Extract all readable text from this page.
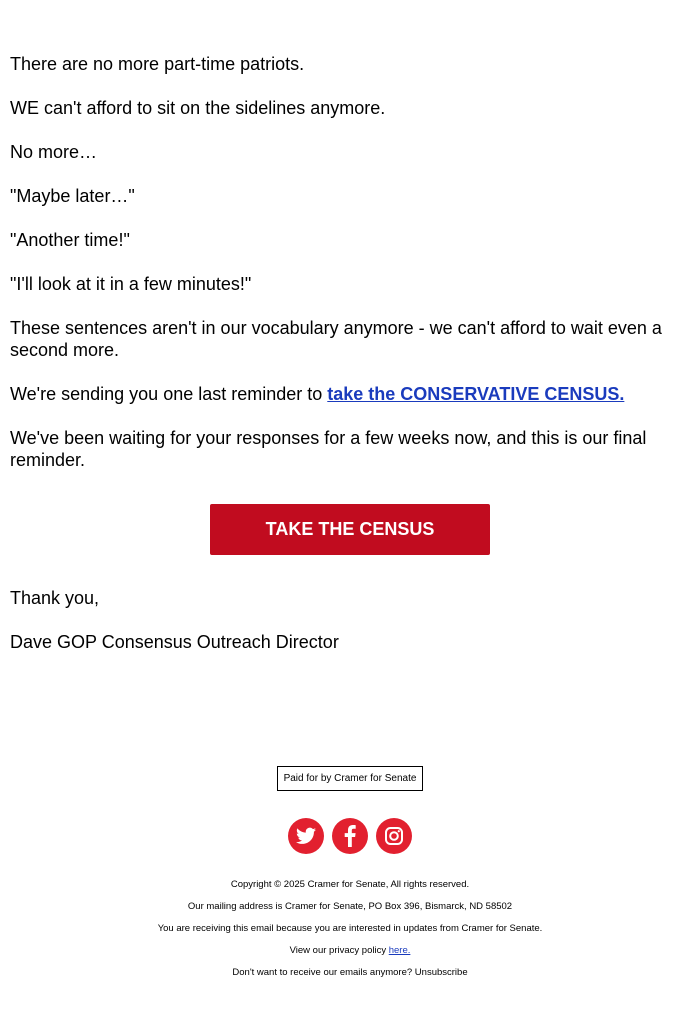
There are no more part-time patriots.

WE can't afford to sit on the sidelines anymore.

No more…

"Maybe later…"

"Another time!"

"I'll look at it in a few minutes!"

These sentences aren't in our vocabulary anymore - we can't afford to wait even a second more.

We're sending you one last reminder to take the CONSERVATIVE CENSUS.

We've been waiting for your responses for a few weeks now, and this is our final reminder.

TAKE THE CENSUS

Thank you,

Dave GOP Consensus Outreach Director

Paid for by Cramer for Senate

Copyright © 2025 Cramer for Senate, All rights reserved.

Our mailing address is Cramer for Senate, PO Box 396, Bismarck, ND 58502

You are receiving this email because you are interested in updates from Cramer for Senate.

View our privacy policy here.

Don't want to receive our emails anymore? Unsubscribe
